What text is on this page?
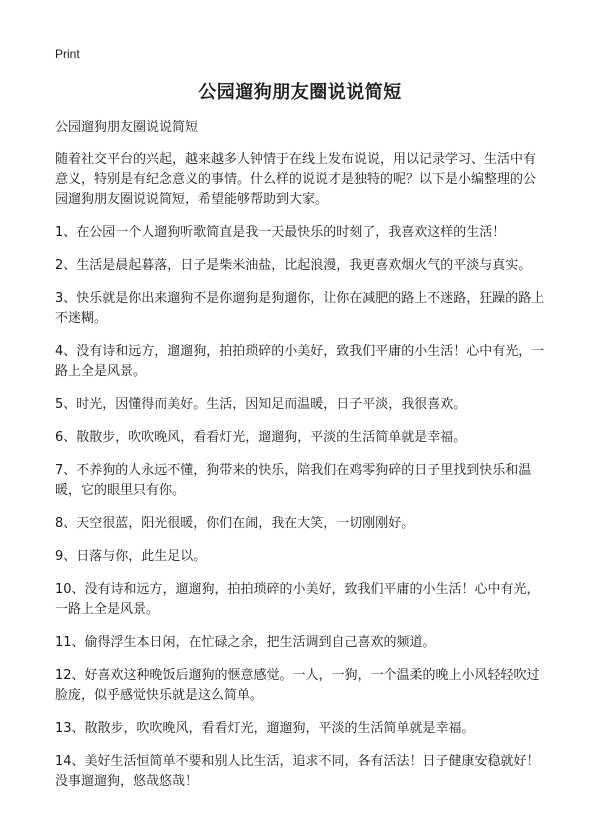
Print
公园遛狗朋友圈说说简短

公园遛狗朋友圈说说简短

随着社交平台的兴起，越来越多人钟情于在线上发布说说，用以记录学习、生活中有意义，特别是有纪念意义的事情。什么样的说说才是独特的呢？以下是小编整理的公园遛狗朋友圈说说简短，希望能够帮助到大家。

1、在公园一个人遛狗听歌简直是我一天最快乐的时刻了，我喜欢这样的生活！

2、生活是晨起暮落，日子是柴米油盐，比起浪漫，我更喜欢烟火气的平淡与真实。

3、快乐就是你出来遛狗不是你遛狗是狗遛你，让你在减肥的路上不迷路，狂躁的路上不迷糊。

4、没有诗和远方，遛遛狗，拍拍琐碎的小美好，致我们平庸的小生活！心中有光，一路上全是风景。

5、时光，因懂得而美好。生活，因知足而温暖，日子平淡，我很喜欢。

6、散散步，吹吹晚风，看看灯光，遛遛狗，平淡的生活简单就是幸福。

7、不养狗的人永远不懂，狗带来的快乐，陪我们在鸡零狗碎的日子里找到快乐和温暖，它的眼里只有你。

8、天空很蓝，阳光很暖，你们在闹，我在大笑，一切刚刚好。

9、日落与你，此生足以。

10、没有诗和远方，遛遛狗，拍拍琐碎的小美好，致我们平庸的小生活！心中有光，一路上全是风景。

11、偷得浮生本日闲，在忙碌之余，把生活调到自己喜欢的频道。

12、好喜欢这种晚饭后遛狗的惬意感觉。一人，一狗，一个温柔的晚上小风轻轻吹过脸庞，似乎感觉快乐就是这么简单。

13、散散步，吹吹晚风，看看灯光，遛遛狗，平淡的生活简单就是幸福。

14、美好生活恒简单不要和别人比生活，追求不同，各有活法！日子健康安稳就好！没事遛遛狗，悠哉悠哉！
